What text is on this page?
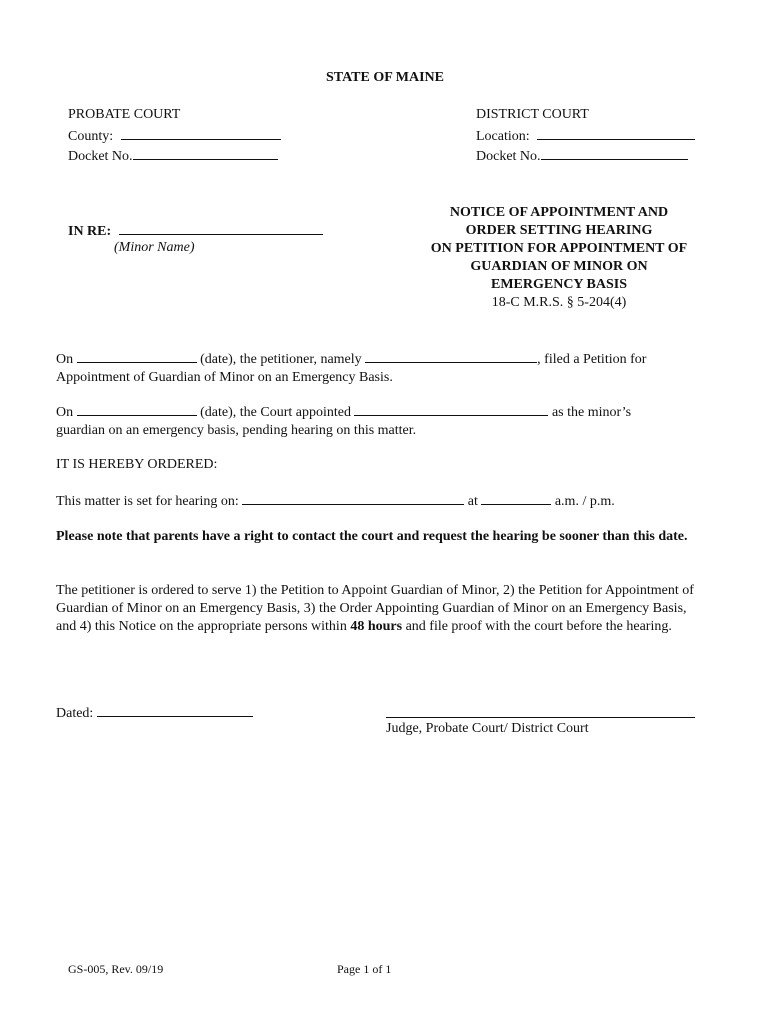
STATE OF MAINE
PROBATE COURT
County:
Docket No.
DISTRICT COURT
Location:
Docket No.
IN RE:
(Minor Name)
NOTICE OF APPOINTMENT AND
ORDER SETTING HEARING
ON PETITION FOR APPOINTMENT OF
GUARDIAN OF MINOR ON
EMERGENCY BASIS
18-C M.R.S. § 5-204(4)
On	(date), the petitioner, namely	, filed a Petition for
Appointment of Guardian of Minor on an Emergency Basis.
On	(date), the Court appointed	as the minor’s
guardian on an emergency basis, pending hearing on this matter.
IT IS HEREBY ORDERED:
This matter is set for hearing on:	at	a.m. / p.m.
Please note that parents have a right to contact the court and request the hearing be sooner than this date.
The petitioner is ordered to serve 1) the Petition to Appoint Guardian of Minor, 2) the Petition for Appointment of Guardian of Minor on an Emergency Basis, 3) the Order Appointing Guardian of Minor on an Emergency Basis, and 4) this Notice on the appropriate persons within 48 hours and file proof with the court before the hearing.
Dated:
Judge, Probate Court/ District Court
GS-005, Rev. 09/19	Page 1 of 1
